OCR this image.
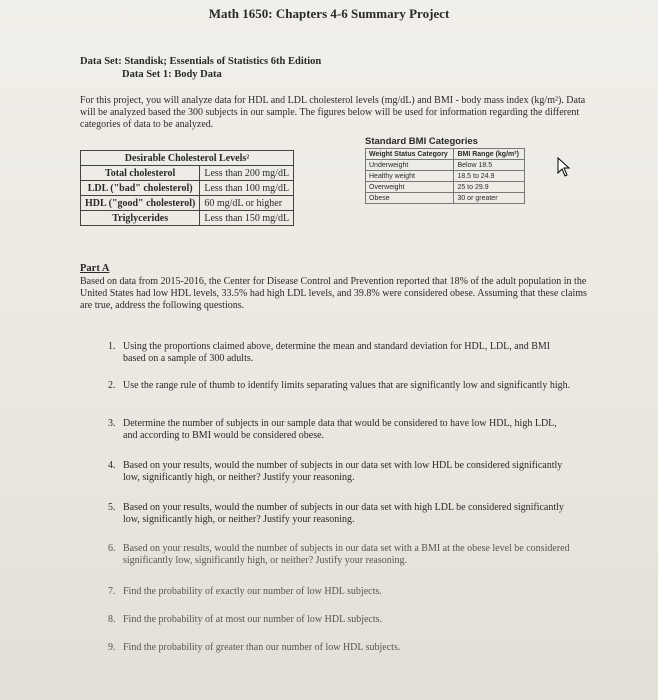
Math 1650: Chapters 4-6 Summary Project
Data Set: Standisk; Essentials of Statistics 6th Edition
Data Set 1: Body Data
For this project, you will analyze data for HDL and LDL cholesterol levels (mg/dL) and BMI - body mass index (kg/m²). Data will be analyzed based the 300 subjects in our sample. The figures below will be used for information regarding the different categories of data to be analyzed.
Desirable Cholesterol Levels²	
Total cholesterol	Less than 200 mg/dL
LDL ("bad" cholesterol)	Less than 100 mg/dL
HDL ("good" cholesterol)	60 mg/dL or higher
Triglycerides	Less than 150 mg/dL
Standard BMI Categories
Weight Status Category	BMI Range (kg/m²)
Underweight	Below 18.5
Healthy weight	18.5 to 24.9
Overweight	25 to 29.9
Obese	30 or greater
Part A
Based on data from 2015-2016, the Center for Disease Control and Prevention reported that 18% of the adult population in the United States had low HDL levels, 33.5% had high LDL levels, and 39.8% were considered obese. Assuming that these claims are true, address the following questions.
1. Using the proportions claimed above, determine the mean and standard deviation for HDL, LDL, and BMI based on a sample of 300 adults.
2. Use the range rule of thumb to identify limits separating values that are significantly low and significantly high.
3. Determine the number of subjects in our sample data that would be considered to have low HDL, high LDL, and according to BMI would be considered obese.
4. Based on your results, would the number of subjects in our data set with low HDL be considered significantly low, significantly high, or neither? Justify your reasoning.
5. Based on your results, would the number of subjects in our data set with high LDL be considered significantly low, significantly high, or neither? Justify your reasoning.
6. Based on your results, would the number of subjects in our data set with a BMI at the obese level be considered significantly low, significantly high, or neither? Justify your reasoning.
7. Find the probability of exactly our number of low HDL subjects.
8. Find the probability of at most our number of low HDL subjects.
9. Find the probability of greater than our number of low HDL subjects.
